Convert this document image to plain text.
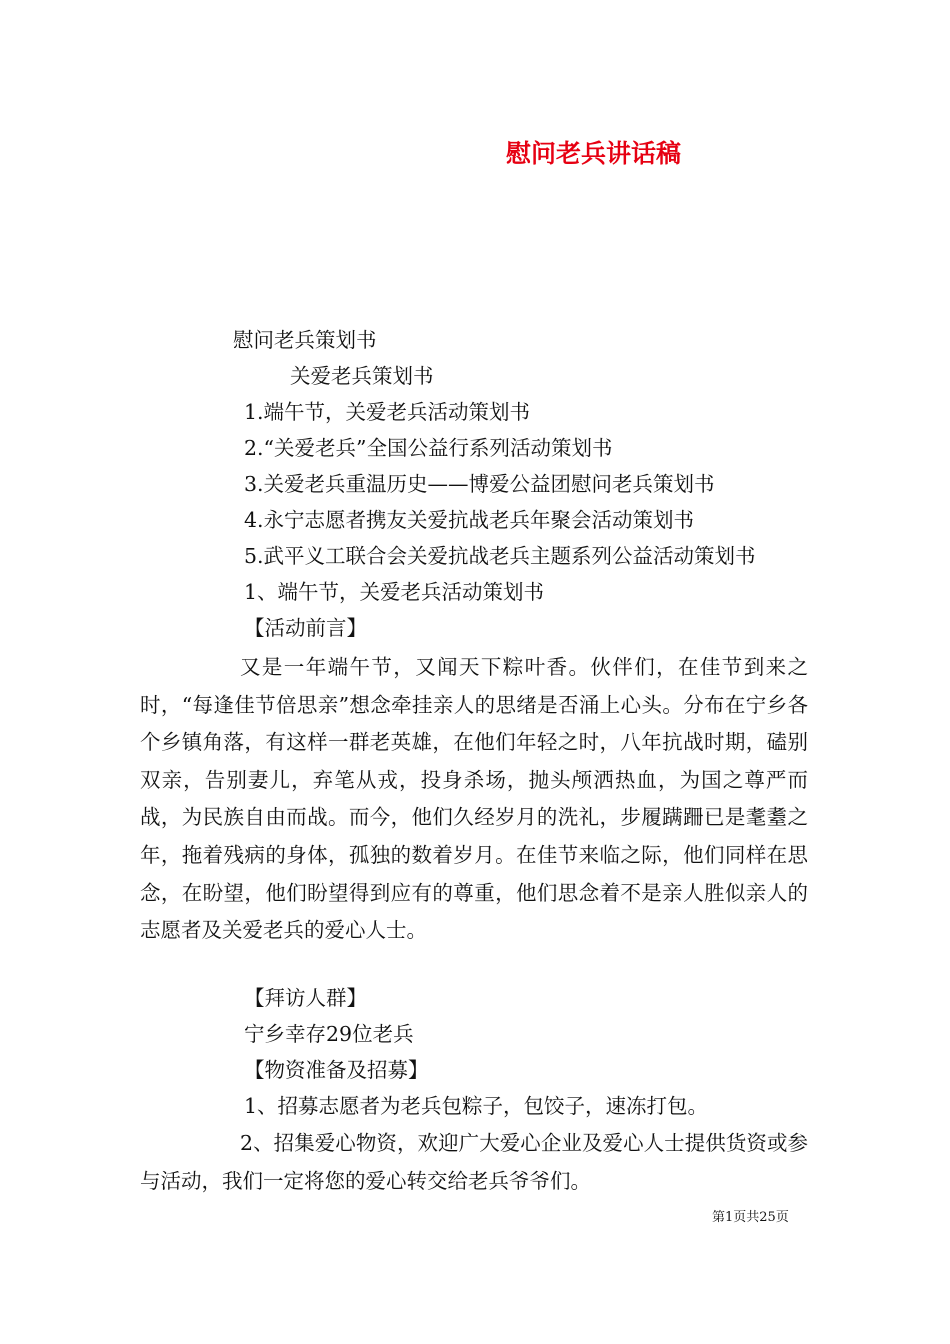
慰问老兵讲话稿
慰问老兵策划书
关爱老兵策划书
1.端午节，关爱老兵活动策划书
2.“关爱老兵”全国公益行系列活动策划书
3.关爱老兵重温历史——博爱公益团慰问老兵策划书
4.永宁志愿者携友关爱抗战老兵年聚会活动策划书
5.武平义工联合会关爱抗战老兵主题系列公益活动策划书
1、端午节，关爱老兵活动策划书
【活动前言】
又是一年端午节，又闻天下粽叶香。伙伴们，在佳节到来之时，“每逢佳节倍思亲”想念牵挂亲人的思绪是否涌上心头。分布在宁乡各个乡镇角落，有这样一群老英雄，在他们年轻之时，八年抗战时期，磕别双亲，告别妻儿，弃笔从戎，投身杀场，抛头颅洒热血，为国之尊严而战，为民族自由而战。而今，他们久经岁月的洗礼，步履蹒跚已是耄耋之年，拖着残病的身体，孤独的数着岁月。在佳节来临之际，他们同样在思念，在盼望，他们盼望得到应有的尊重，他们思念着不是亲人胜似亲人的志愿者及关爱老兵的爱心人士。
【拜访人群】
宁乡幸存29位老兵
【物资准备及招募】
1、招募志愿者为老兵包粽子，包饺子，速冻打包。
2、招集爱心物资，欢迎广大爱心企业及爱心人士提供货资或参与活动，我们一定将您的爱心转交给老兵爷爷们。
第1页共25页
